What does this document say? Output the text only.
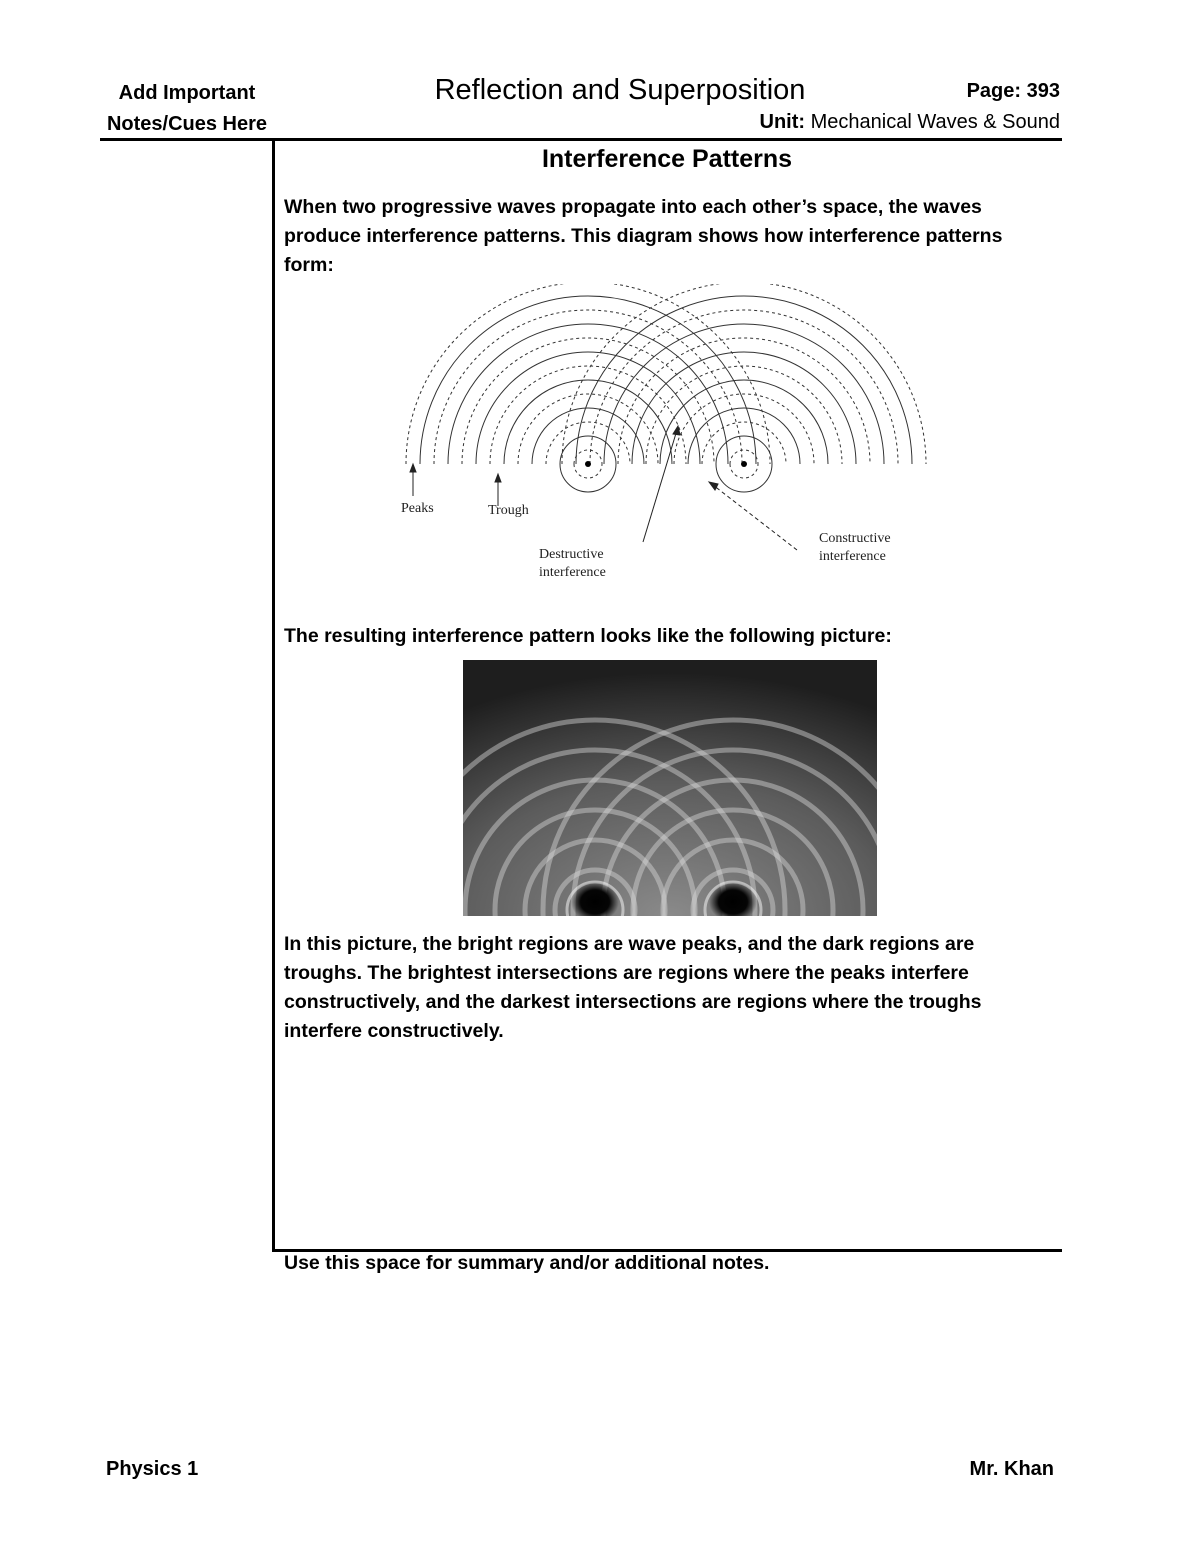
Add Important
Notes/Cues Here
Reflection and Superposition	Page: 393
Unit: Mechanical Waves & Sound
Interference Patterns
When two progressive waves propagate into each other’s space, the waves produce interference patterns. This diagram shows how interference patterns form:
Peaks	Trough
Destructive
interference
Constructive
interference
The resulting interference pattern looks like the following picture:
In this picture, the bright regions are wave peaks, and the dark regions are troughs. The brightest intersections are regions where the peaks interfere constructively, and the darkest intersections are regions where the troughs interfere constructively.
Use this space for summary and/or additional notes.
Physics 1	Mr. Khan
